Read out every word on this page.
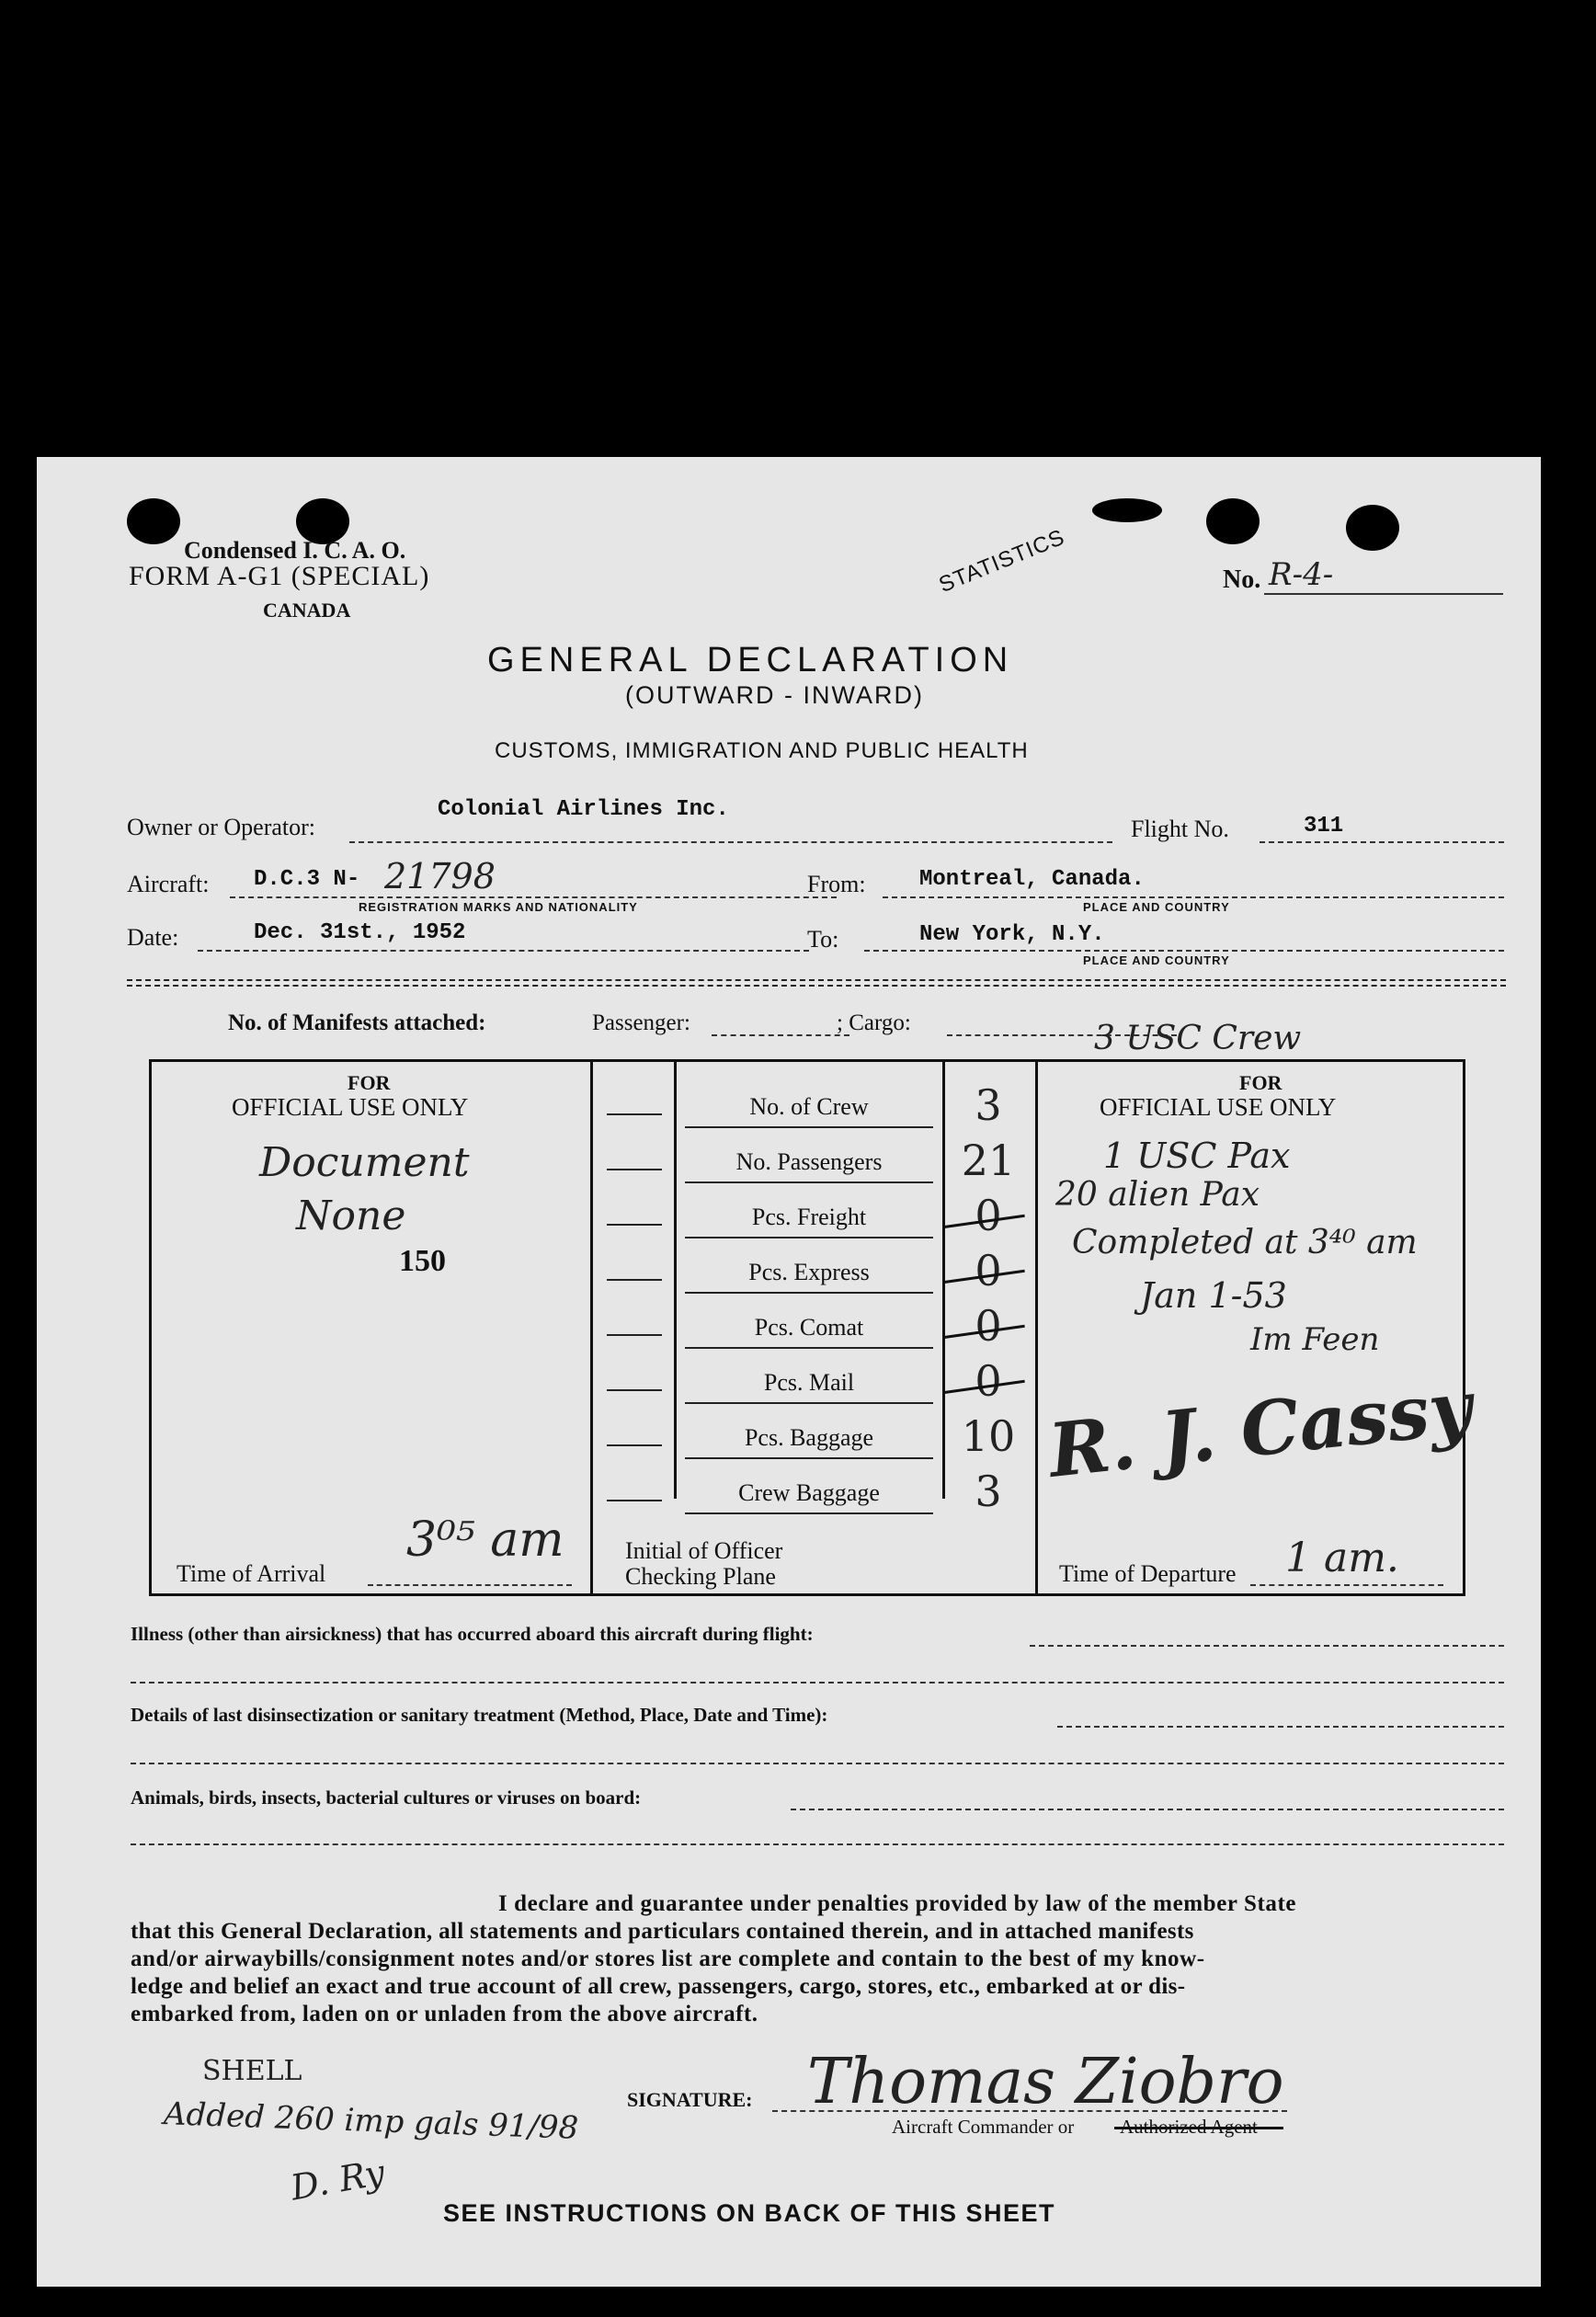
Condensed I. C. A. O.
FORM A-G1 (SPECIAL)
CANADA
STATISTICS	No. R-4-
GENERAL DECLARATION
(OUTWARD - INWARD)
CUSTOMS, IMMIGRATION AND PUBLIC HEALTH
Owner or Operator:
Colonial Airlines Inc.
Flight No.	311
Aircraft: D.C.3 N- 21798
REGISTRATION MARKS AND NATIONALITY
From: Montreal, Canada.
PLACE AND COUNTRY
Date:	Dec. 31st., 1952	To:	New York, N.Y.
PLACE AND COUNTRY
No. of Manifests attached:	Passenger:	; Cargo:	3 USC Crew
FOR
OFFICIAL USE ONLY
Document
None
150
Time of Arrival
3⁰⁵ am
No. of Crew	3
No. Passengers	21
Pcs. Freight	0
Pcs. Express	0
Pcs. Comat	0
Pcs. Mail	0
Pcs. Baggage	10
Crew Baggage	3
Initial of Officer
Checking Plane
FOR
OFFICIAL USE ONLY
1 USC Pax
20 alien Pax
Completed at 3⁴⁰ am
Jan 1-53
Im Feen
R. J. Cassy
Time of Departure 1 am.
Illness (other than airsickness) that has occurred aboard this aircraft during flight:
Details of last disinsectization or sanitary treatment (Method, Place, Date and Time):
Animals, birds, insects, bacterial cultures or viruses on board:
I declare and guarantee under penalties provided by law of the member State
that this General Declaration, all statements and particulars contained therein, and in attached manifests
and/or airwaybills/consignment notes and/or stores list are complete and contain to the best of my know-
ledge and belief an exact and true account of all crew, passengers, cargo, stores, etc., embarked at or dis-
embarked from, laden on or unladen from the above aircraft.
SHELL
Added 260 imp gals 91/98
D. Ry
SIGNATURE: Thomas Ziobro
Aircraft Commander or Authorized Agent
SEE INSTRUCTIONS ON BACK OF THIS SHEET
